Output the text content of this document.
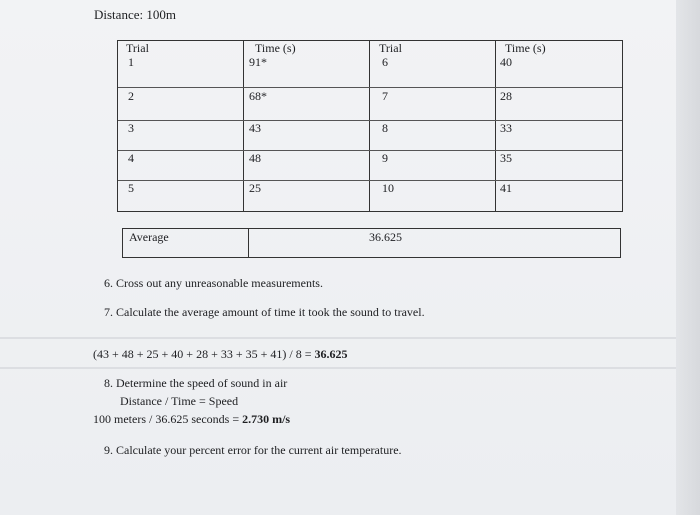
Distance: 100m
Trial	Time (s)	Trial	Time (s)
1	91*	6	40
2	68*	7	28
3	43	8	33
4	48	9	35
5	25	10	41
Average	36.625
6. Cross out any unreasonable measurements.
7. Calculate the average amount of time it took the sound to travel.
(43 + 48 + 25 + 40 + 28 + 33 + 35 + 41) / 8 = 36.625
8. Determine the speed of sound in air
Distance / Time = Speed
100 meters / 36.625 seconds = 2.730 m/s
9. Calculate your percent error for the current air temperature.
